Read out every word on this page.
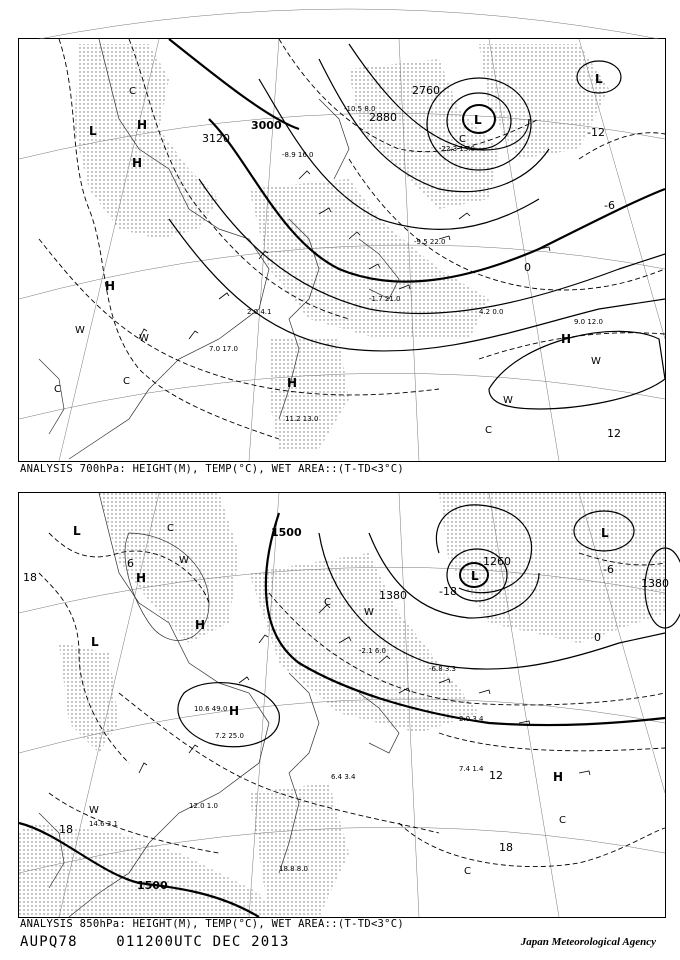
3000
3120
2760
2880
-12
-6
0
12
L
H
L
H
H
H
L
H
C
C
W
W
C
W
W
C
C
-8.9 16.0
-10.5 8.0
-22.3 15.0
-9.5 22.0
-1.7 21.0
4.2 0.0
9.0 12.0
2.0 4.1
7.0 17.0
11.2 13.0
ANALYSIS 700hPa: HEIGHT(M), TEMP(°C), WET AREA::(T-TD<3°C)
1500
1380
1260
1380
1500
18
-6
0
6
12
18
18
-18
L
H
H
L
L
H
H
L
C
W
C
W
W
C
C
-2.1 6.0
-6.8 3.3
2.0 3.4
10.6 49.0
7.2 25.0
6.4 3.4
7.4 1.4
14.6 3.1
18.8 8.0
12.0 1.0
ANALYSIS 850hPa: HEIGHT(M), TEMP(°C), WET AREA::(T-TD<3°C)
AUPQ78	011200UTC DEC 2013	Japan Meteorological Agency
